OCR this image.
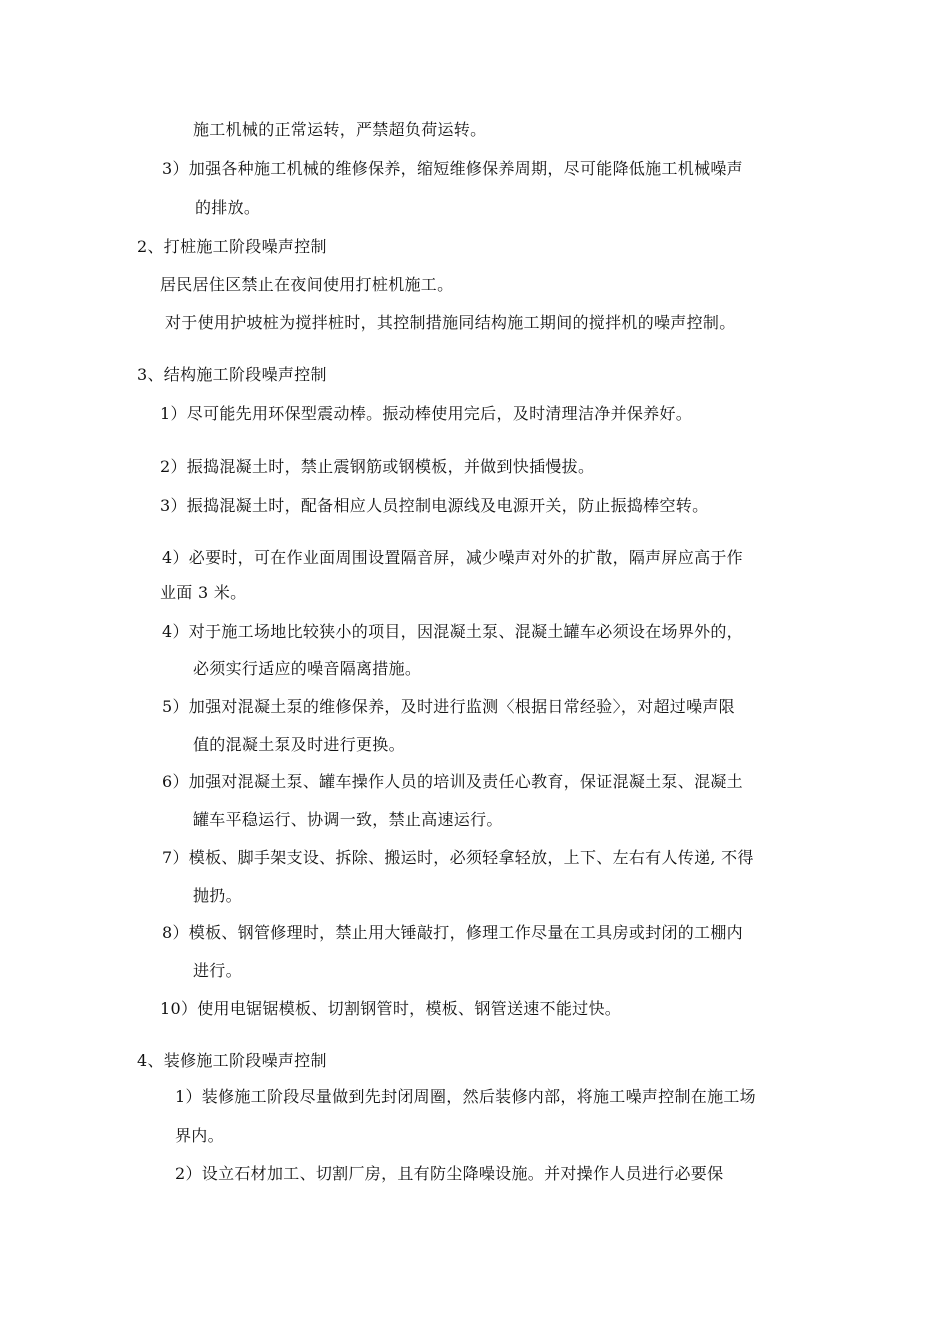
施工机械的正常运转，严禁超负荷运转。
3）加强各种施工机械的维修保养，缩短维修保养周期，尽可能降低施工机械噪声
的排放。
2、打桩施工阶段噪声控制
居民居住区禁止在夜间使用打桩机施工。
对于使用护坡桩为搅拌桩时，其控制措施同结构施工期间的搅拌机的噪声控制。
3、结构施工阶段噪声控制
1）尽可能先用环保型震动棒。振动棒使用完后，及时清理洁净并保养好。
2）振捣混凝土时，禁止震钢筋或钢模板，并做到快插慢拔。
3）振捣混凝土时，配备相应人员控制电源线及电源开关，防止振捣棒空转。
4）必要时，可在作业面周围设置隔音屏，减少噪声对外的扩散，隔声屏应高于作
业面 3 米。
4）对于施工场地比较狭小的项目，因混凝土泵、混凝土罐车必须设在场界外的，
必须实行适应的噪音隔离措施。
5）加强对混凝土泵的维修保养，及时进行监测〈根据日常经验〉，对超过噪声限
值的混凝土泵及时进行更换。
6）加强对混凝土泵、罐车操作人员的培训及责任心教育，保证混凝土泵、混凝土
罐车平稳运行、协调一致，禁止高速运行。
7）模板、脚手架支设、拆除、搬运时，必须轻拿轻放，上下、左右有人传递, 不得
抛扔。
8）模板、钢管修理时，禁止用大锤敲打，修理工作尽量在工具房或封闭的工棚内
进行。
10）使用电锯锯模板、切割钢管时，模板、钢管送速不能过快。
4、装修施工阶段噪声控制
1）装修施工阶段尽量做到先封闭周圈，然后装修内部，将施工噪声控制在施工场
界内。
2）设立石材加工、切割厂房，且有防尘降噪设施。并对操作人员进行必要保
